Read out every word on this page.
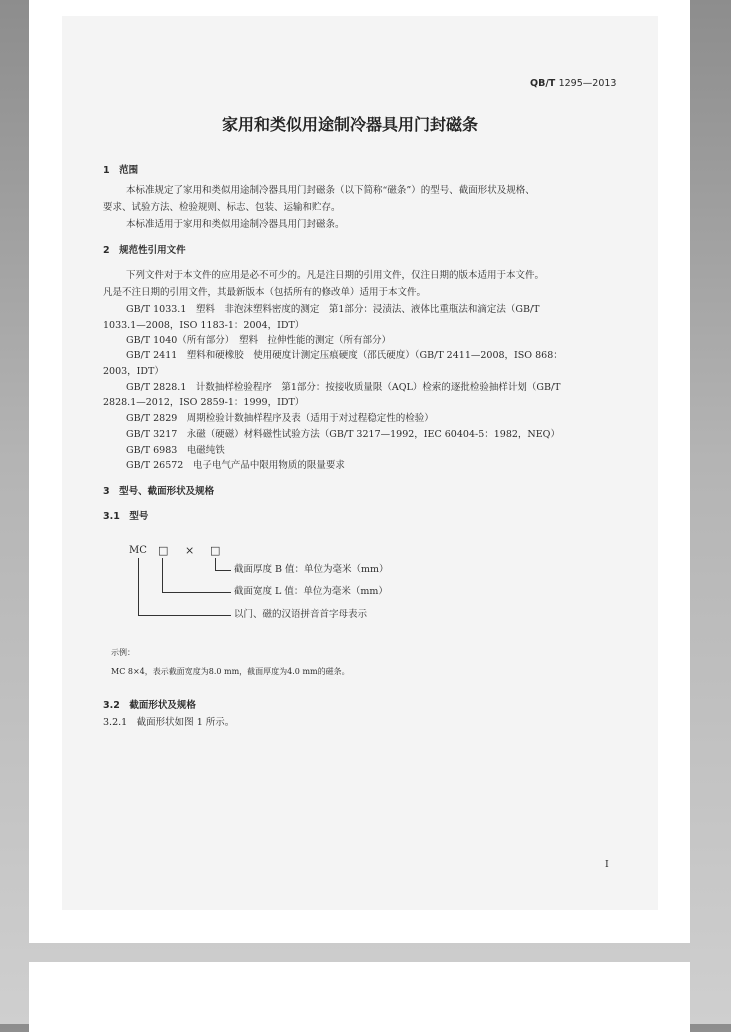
QB/T 1295—2013
家用和类似用途制冷器具用门封磁条
1　范围
本标准规定了家用和类似用途制冷器具用门封磁条（以下简称“磁条”）的型号、截面形状及规格、
要求、试验方法、检验规则、标志、包装、运输和贮存。
本标准适用于家用和类似用途制冷器具用门封磁条。
2　规范性引用文件
下列文件对于本文件的应用是必不可少的。凡是注日期的引用文件，仅注日期的版本适用于本文件。
凡是不注日期的引用文件，其最新版本（包括所有的修改单）适用于本文件。
GB/T 1033.1　塑料　非泡沫塑料密度的测定　第1部分：浸渍法、液体比重瓶法和滴定法（GB/T
1033.1—2008，ISO 1183-1：2004，IDT）
GB/T 1040（所有部分）　塑料　拉伸性能的测定（所有部分）
GB/T 2411　塑料和硬橡胶　使用硬度计测定压痕硬度（邵氏硬度）（GB/T 2411—2008，ISO 868：
2003，IDT）
GB/T 2828.1　计数抽样检验程序　第1部分：按接收质量限（AQL）检索的逐批检验抽样计划（GB/T
2828.1—2012，ISO 2859-1：1999，IDT）
GB/T 2829　周期检验计数抽样程序及表（适用于对过程稳定性的检验）
GB/T 3217　永磁（硬磁）材料磁性试验方法（GB/T 3217—1992，IEC 60404-5：1982，NEQ）
GB/T 6983　电磁纯铁
GB/T 26572　电子电气产品中限用物质的限量要求
3　型号、截面形状及规格
3.1　型号
MC □ × □
截面厚度 B 值：单位为毫米（mm）
截面宽度 L 值：单位为毫米（mm）
以门、磁的汉语拼音首字母表示
示例：
MC 8×4，表示截面宽度为8.0 mm，截面厚度为4.0 mm的磁条。
3.2　截面形状及规格
3.2.1　截面形状如图 1 所示。
I
